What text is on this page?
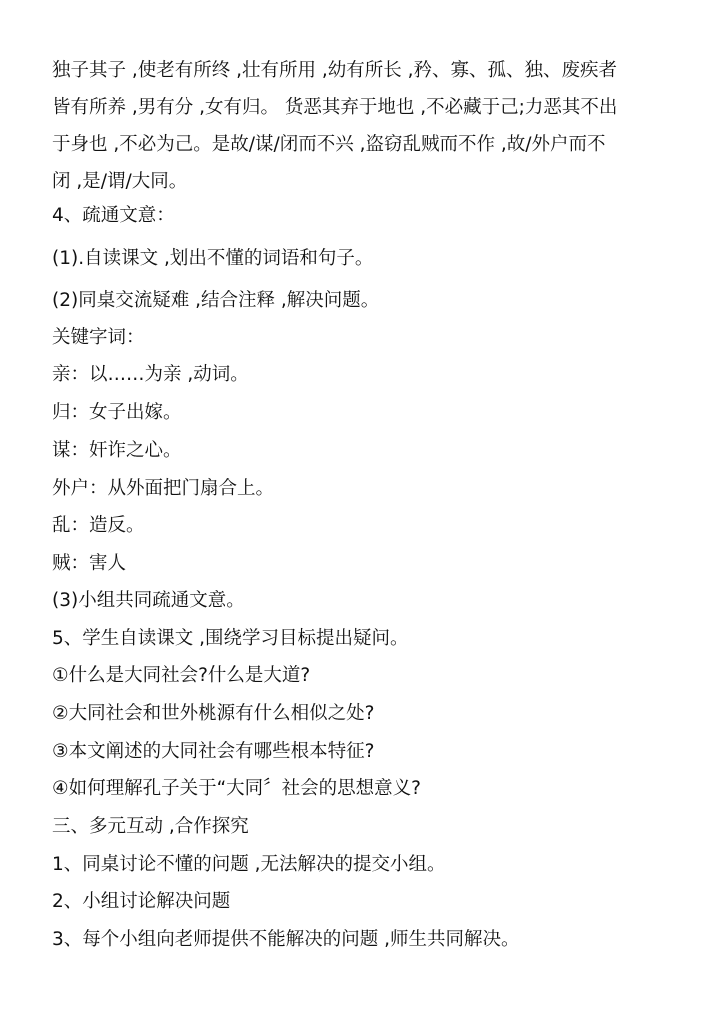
独子其子 ,使老有所终 ,壮有所用 ,幼有所长 ,矜、寡、孤、独、废疾者
皆有所养 ,男有分 ,女有归。 货恶其弃于地也 ,不必藏于己;力恶其不出
于身也 ,不必为己。是故/谋/闭而不兴 ,盗窃乱贼而不作 ,故/外户而不
闭 ,是/谓/大同。
4、疏通文意：
(1).自读课文 ,划出不懂的词语和句子。
(2)同桌交流疑难 ,结合注释 ,解决问题。
关键字词：
亲：以……为亲 ,动词。
归：女子出嫁。
谋：奸诈之心。
外户：从外面把门扇合上。
乱：造反。
贼：害人
(3)小组共同疏通文意。
5、学生自读课文 ,围绕学习目标提出疑问。
①什么是大同社会?什么是大道?
②大同社会和世外桃源有什么相似之处?
③本文阐述的大同社会有哪些根本特征?
④如何理解孔子关于“大同〞社会的思想意义?
三、多元互动 ,合作探究
1、同桌讨论不懂的问题 ,无法解决的提交小组。
2、小组讨论解决问题
3、每个小组向老师提供不能解决的问题 ,师生共同解决。
